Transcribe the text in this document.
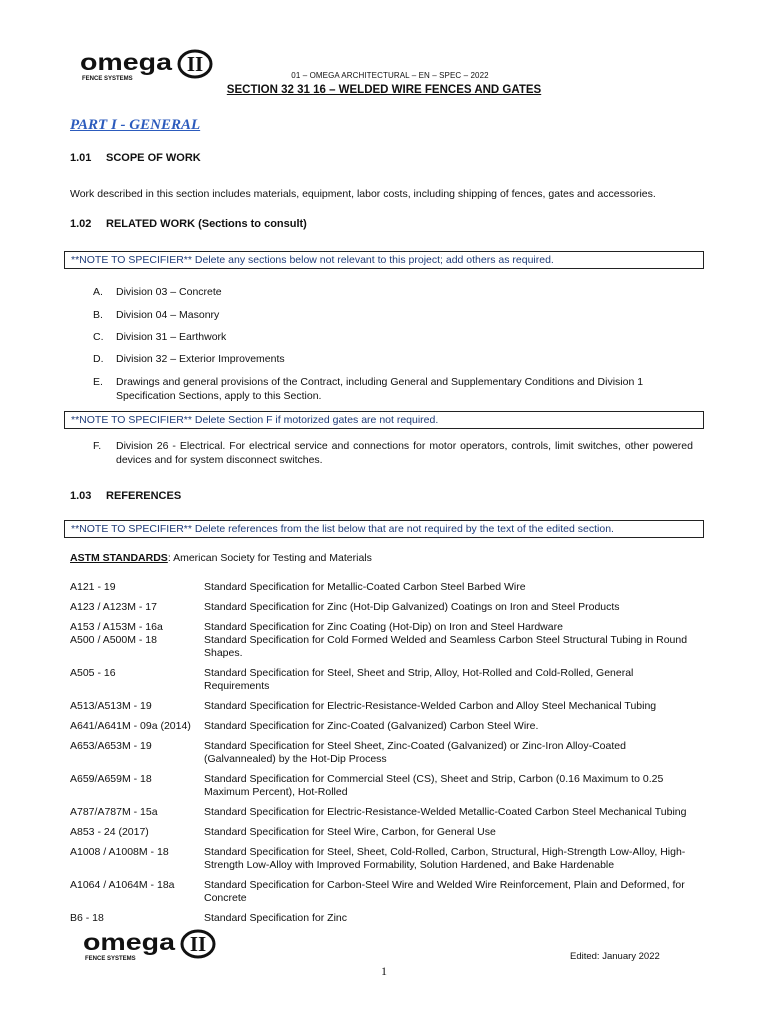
omega II
FENCE SYSTEMS	01 – OMEGA ARCHITECTURAL – EN – SPEC – 2022
SECTION 32 31 16 – WELDED WIRE FENCES AND GATES
PART I - GENERAL
1.01 SCOPE OF WORK
Work described in this section includes materials, equipment, labor costs, including shipping of fences, gates and accessories.
1.02 RELATED WORK (Sections to consult)
**NOTE TO SPECIFIER** Delete any sections below not relevant to this project; add others as required.
A. Division 03 – Concrete
B. Division 04 – Masonry
C. Division 31 – Earthwork
D. Division 32 – Exterior Improvements
E. Drawings and general provisions of the Contract, including General and Supplementary Conditions and Division 1 Specification Sections, apply to this Section.
**NOTE TO SPECIFIER** Delete Section F if motorized gates are not required.
F. Division 26 - Electrical. For electrical service and connections for motor operators, controls, limit switches, other powered devices and for system disconnect switches.
1.03 REFERENCES
**NOTE TO SPECIFIER** Delete references from the list below that are not required by the text of the edited section.
ASTM STANDARDS: American Society for Testing and Materials
A121 - 19	Standard Specification for Metallic-Coated Carbon Steel Barbed Wire
A123 / A123M - 17	Standard Specification for Zinc (Hot-Dip Galvanized) Coatings on Iron and Steel Products
A153 / A153M - 16a	Standard Specification for Zinc Coating (Hot-Dip) on Iron and Steel Hardware
A500 / A500M - 18	Standard Specification for Cold Formed Welded and Seamless Carbon Steel Structural Tubing in Round Shapes.
A505 - 16	Standard Specification for Steel, Sheet and Strip, Alloy, Hot-Rolled and Cold-Rolled, General Requirements
A513/A513M - 19	Standard Specification for Electric-Resistance-Welded Carbon and Alloy Steel Mechanical Tubing
A641/A641M - 09a (2014)	Standard Specification for Zinc-Coated (Galvanized) Carbon Steel Wire.
A653/A653M - 19	Standard Specification for Steel Sheet, Zinc-Coated (Galvanized) or Zinc-Iron Alloy-Coated (Galvannealed) by the Hot-Dip Process
A659/A659M - 18	Standard Specification for Commercial Steel (CS), Sheet and Strip, Carbon (0.16 Maximum to 0.25 Maximum Percent), Hot-Rolled
A787/A787M - 15a	Standard Specification for Electric-Resistance-Welded Metallic-Coated Carbon Steel Mechanical Tubing
A853 - 24 (2017)	Standard Specification for Steel Wire, Carbon, for General Use
A1008 / A1008M - 18	Standard Specification for Steel, Sheet, Cold-Rolled, Carbon, Structural, High-Strength Low-Alloy, High-Strength Low-Alloy with Improved Formability, Solution Hardened, and Bake Hardenable
A1064 / A1064M - 18a	Standard Specification for Carbon-Steel Wire and Welded Wire Reinforcement, Plain and Deformed, for Concrete
B6 - 18	Standard Specification for Zinc
omega II
FENCE SYSTEMS	Edited: January 2022
1
